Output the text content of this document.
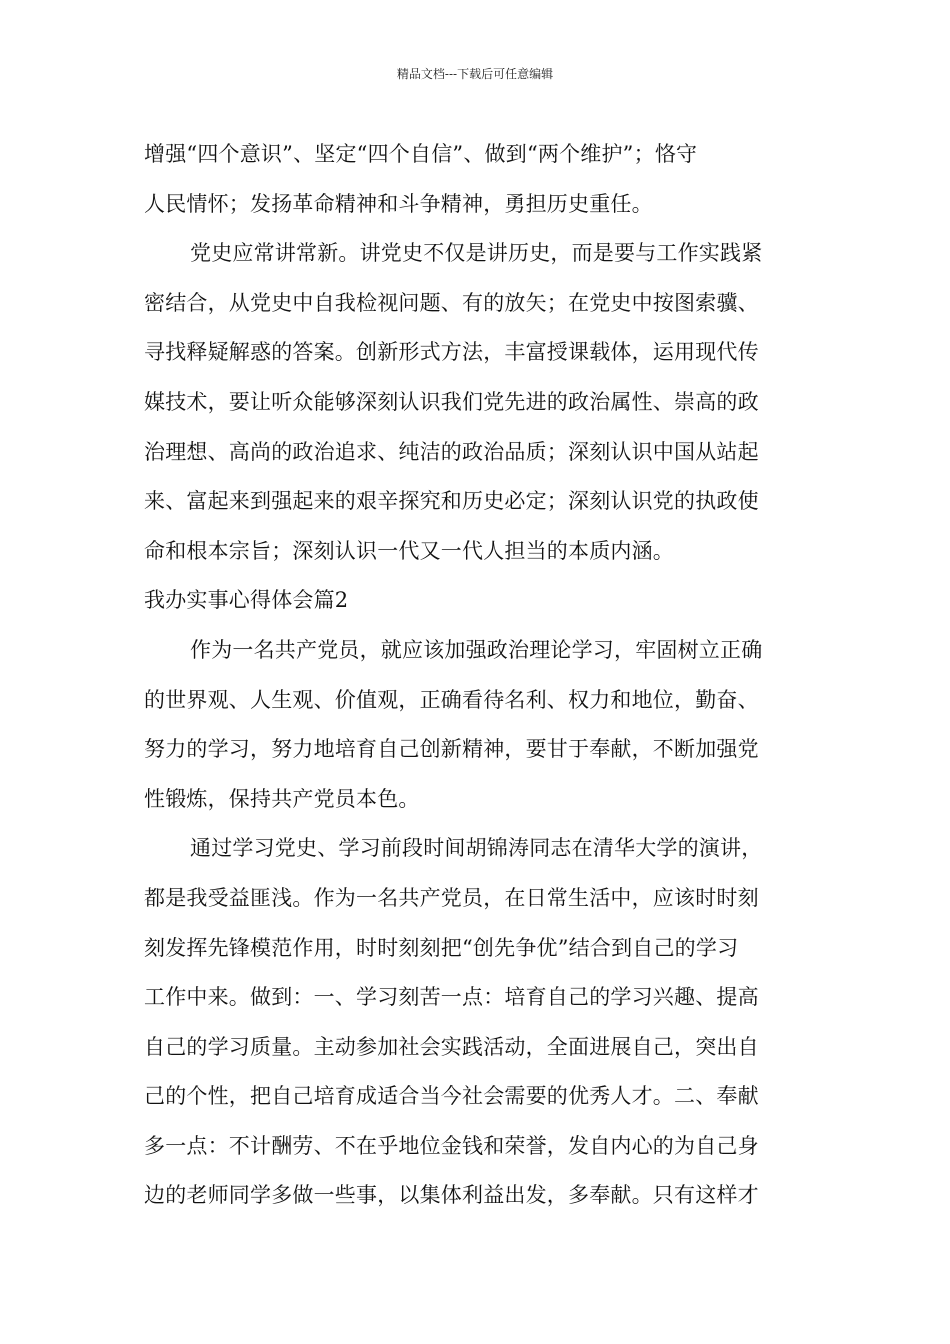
精品文档---下载后可任意编辑
增强“四个意识”、坚定“四个自信”、做到“两个维护”；恪守
人民情怀；发扬革命精神和斗争精神，勇担历史重任。
党史应常讲常新。讲党史不仅是讲历史，而是要与工作实践紧
密结合，从党史中自我检视问题、有的放矢；在党史中按图索骥、
寻找释疑解惑的答案。创新形式方法，丰富授课载体，运用现代传
媒技术，要让听众能够深刻认识我们党先进的政治属性、崇高的政
治理想、高尚的政治追求、纯洁的政治品质；深刻认识中国从站起
来、富起来到强起来的艰辛探究和历史必定；深刻认识党的执政使
命和根本宗旨；深刻认识一代又一代人担当的本质内涵。
我办实事心得体会篇2
作为一名共产党员，就应该加强政治理论学习，牢固树立正确
的世界观、人生观、价值观，正确看待名利、权力和地位，勤奋、
努力的学习，努力地培育自己创新精神，要甘于奉献，不断加强党
性锻炼，保持共产党员本色。
通过学习党史、学习前段时间胡锦涛同志在清华大学的演讲，
都是我受益匪浅。作为一名共产党员，在日常生活中，应该时时刻
刻发挥先锋模范作用，时时刻刻把“创先争优”结合到自己的学习
工作中来。做到：一、学习刻苦一点：培育自己的学习兴趣、提高
自己的学习质量。主动参加社会实践活动，全面进展自己，突出自
己的个性，把自己培育成适合当今社会需要的优秀人才。二、奉献
多一点：不计酬劳、不在乎地位金钱和荣誉，发自内心的为自己身
边的老师同学多做一些事，以集体利益出发，多奉献。只有这样才
